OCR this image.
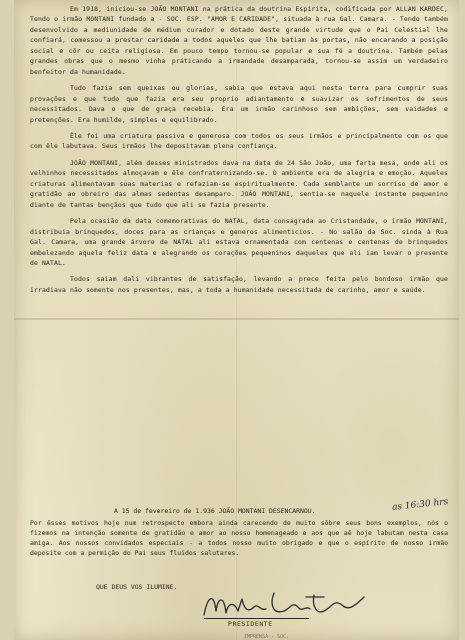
Em 1918, iniciou-se JOÃO MONTANI na prática da doutrina Espírita, codificada por ALLAN KARDEC, Tendo o irmão MONTANI fundado a - SOC. ESP. "AMOR E CARIDADE", situada à rua Gal. Camara. - Tendo também desenvolvido a mediunidade de médium curador e dotado deste grande virtude que o Pai Celestial lhe confiará, comessou a prestar caridade a todos aqueles que lhe batiam às portas, não encarando a posição social e côr ou ceita religiosa. Em pouco tempo tornou-se popular e sua fé a doutrina. Também pelas grandes obras que o mesmo vinha práticando a irmandade desamparada, tornou-se assim um verdadeiro benfeitor da humanidade.

Tudo fazia sem queixas ou glorias, sabia que estava aqui nesta terra para cumprir suas provações e que tudo que fazia era seu proprio adiantamento e suavizar os sofrimentos de seus necessitados. Dava o que de graça recebia. Era um irmão carinhoso sem ambições, sem vaidades e pretenções. Era humilde, simples e equilibrado.

Êle foi uma criatura passiva e generosa com todos os seus irmãos e principalmente com os que com êle labutava. Seus irmãos lhe depositavam plena confiança.

JOÃO MONTANI, além desses ministrados dava na data de 24 São João, uma farta mesa, onde ali os velhinhos necessitados almoçavam e êle confraternizando-se. O ambiente era de alegria e emoção. Aqueles criaturas alimentavam suas materias e refaziam-se espiritualmente. Cada semblante um sorriso de amor e gratidão ao obreiro das almas sedentas desamparo. JOÃO MONTANI, sentia-se naquele instante pequenino diante de tantas bençãos que tudo que ali se fazia presente.

Pela ocasião da data comemorativas do NATAL, data consagrada ao Cristandade, o irmão MONTANI, distribuia brinquedos, doces para as crianças e generos alimenticios. - No salão da Soc. sinda à Rua Gal. Camara, uma grande árvore de NATAL ali estava ornamentada com centenas e centenas de brinquedos embelezando aquela feliz data e alegrando os corações pequeninos daqueles que ali iam levar o presente de NATAL.

Todos saiam dali vibrantes de satisfação, levando a prece feita pelo bondoso irmão que irradiava não somente nos presentes, mas, a toda a humanidade necessitada de carinho, amor e saúde.

A 15 de fevereiro de 1.936 JOÃO MONTANI DESENCARNOU.	as 16:30 hrs
Por êsses motivos hoje num retrospecto embora ainda carecendo de muito sôbre seus bons exemplos, nós o fizemos na intenção somente de gratidão e amor ao nosso homenageado e aos que aê hoje labutam nesta casa amiga. Aos nossos convidados especiais - a todos nosso muito obrigado e que o espírito de nosso irmão deposite com a permição do Pai seus fluidos salutares.
QUE DEUS VOS ILUMINE.
PRESIDENTE
IMPRENSA - SOC.
